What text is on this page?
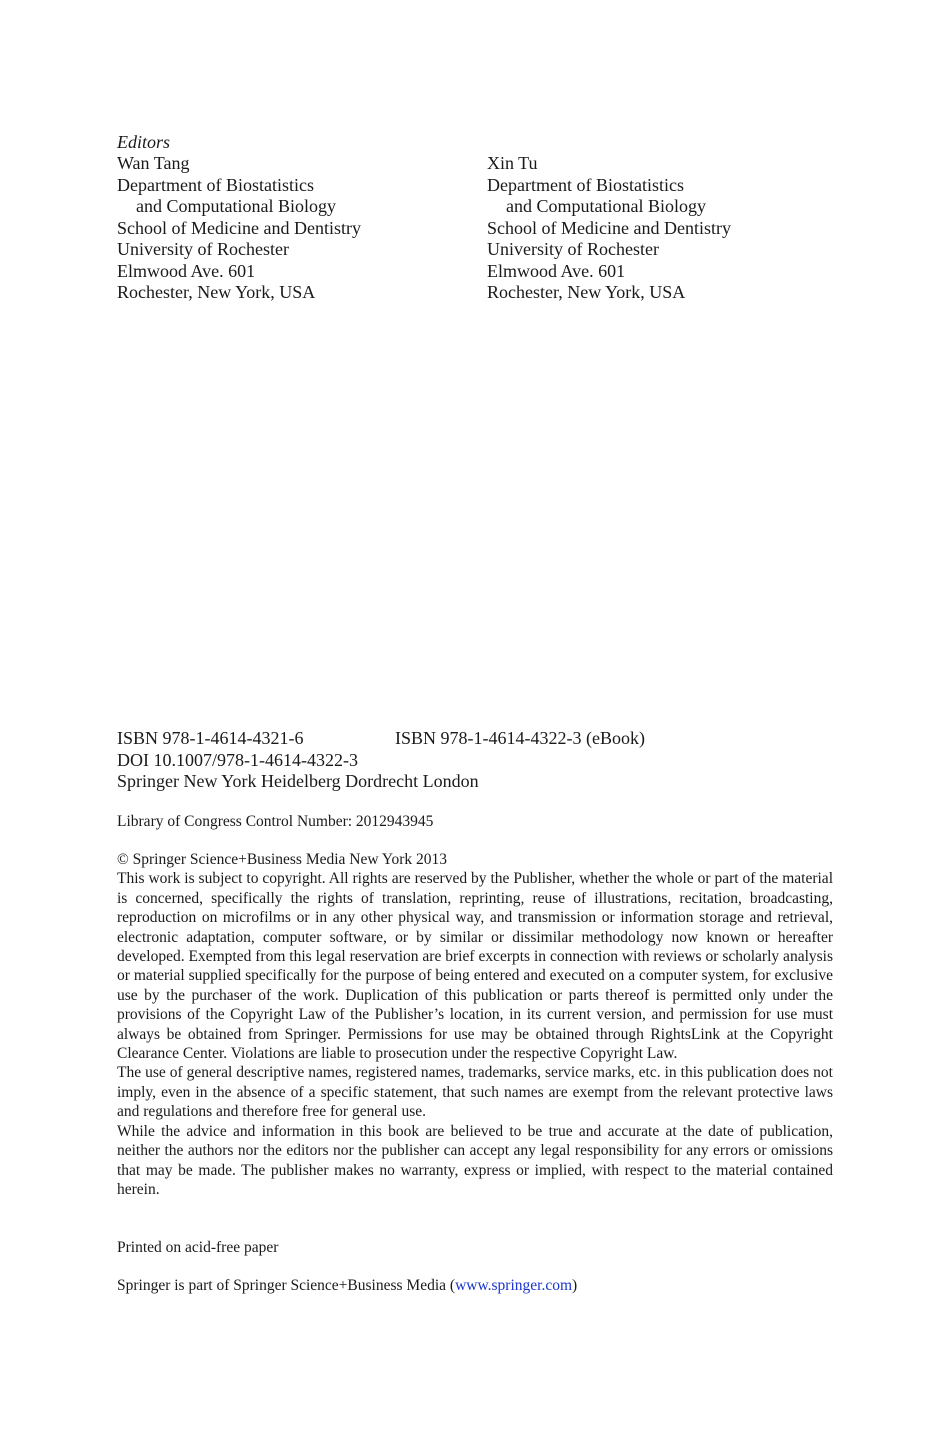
Editors
Wan Tang
Department of Biostatistics
and Computational Biology
School of Medicine and Dentistry
University of Rochester
Elmwood Ave. 601
Rochester, New York, USA
Xin Tu
Department of Biostatistics
and Computational Biology
School of Medicine and Dentistry
University of Rochester
Elmwood Ave. 601
Rochester, New York, USA
ISBN 978-1-4614-4321-6	ISBN 978-1-4614-4322-3 (eBook)
DOI 10.1007/978-1-4614-4322-3
Springer New York Heidelberg Dordrecht London
Library of Congress Control Number: 2012943945
© Springer Science+Business Media New York 2013

This work is subject to copyright. All rights are reserved by the Publisher, whether the whole or part of the material is concerned, specifically the rights of translation, reprinting, reuse of illustrations, recitation, broadcasting, reproduction on microfilms or in any other physical way, and transmission or information storage and retrieval, electronic adaptation, computer software, or by similar or dissimilar methodology now known or hereafter developed. Exempted from this legal reservation are brief excerpts in connection with reviews or scholarly analysis or material supplied specifically for the purpose of being entered and executed on a computer system, for exclusive use by the purchaser of the work. Duplication of this publication or parts thereof is permitted only under the provisions of the Copyright Law of the Publisher’s location, in its current version, and permission for use must always be obtained from Springer. Permissions for use may be obtained through RightsLink at the Copyright Clearance Center. Violations are liable to prosecution under the respective Copyright Law.

The use of general descriptive names, registered names, trademarks, service marks, etc. in this publication does not imply, even in the absence of a specific statement, that such names are exempt from the relevant protective laws and regulations and therefore free for general use.

While the advice and information in this book are believed to be true and accurate at the date of publication, neither the authors nor the editors nor the publisher can accept any legal responsibility for any errors or omissions that may be made. The publisher makes no warranty, express or implied, with respect to the material contained herein.

Printed on acid-free paper
Springer is part of Springer Science+Business Media (www.springer.com)
